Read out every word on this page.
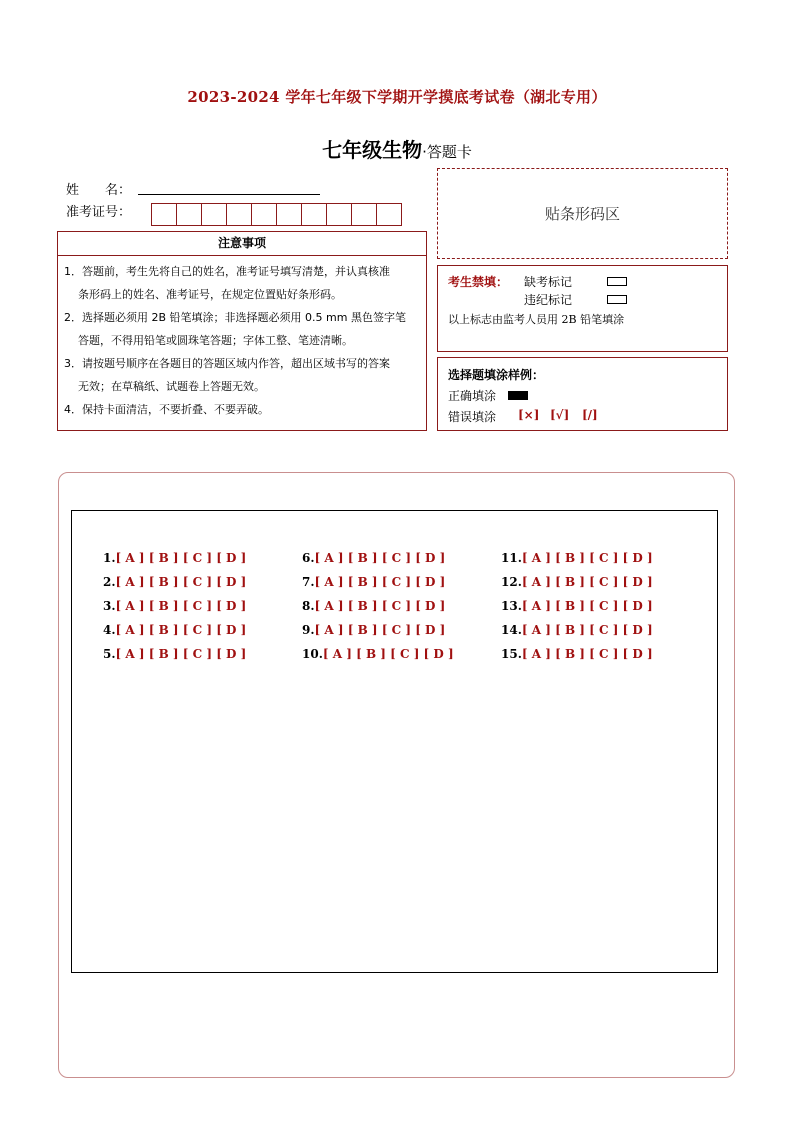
2023-2024 学年七年级下学期开学摸底考试卷（湖北专用）
七年级生物·答题卡
姓　　名：
准考证号：	贴条形码区
注意事项
1．答题前，考生先将自己的姓名，准考证号填写清楚，并认真核准
条形码上的姓名、准考证号，在规定位置贴好条形码。
2．选择题必须用 2B 铅笔填涂；非选择题必须用 0.5 mm 黑色签字笔
答题，不得用铅笔或圆珠笔答题；字体工整、笔迹清晰。
3．请按题号顺序在各题目的答题区域内作答，超出区域书写的答案
无效；在草稿纸、试题卷上答题无效。
4．保持卡面清洁，不要折叠、不要弄破。
考生禁填： 缺考标记
违纪标记
以上标志由监考人员用 2B 铅笔填涂
选择题填涂样例：
正确填涂
错误填涂 [×] [√] [/]
1.[ A ] [ B ] [ C ] [ D ]
2.[ A ] [ B ] [ C ] [ D ]
3.[ A ] [ B ] [ C ] [ D ]
4.[ A ] [ B ] [ C ] [ D ]
5.[ A ] [ B ] [ C ] [ D ]
6.[ A ] [ B ] [ C ] [ D ]
7.[ A ] [ B ] [ C ] [ D ]
8.[ A ] [ B ] [ C ] [ D ]
9.[ A ] [ B ] [ C ] [ D ]
10.[ A ] [ B ] [ C ] [ D ]
11.[ A ] [ B ] [ C ] [ D ]
12.[ A ] [ B ] [ C ] [ D ]
13.[ A ] [ B ] [ C ] [ D ]
14.[ A ] [ B ] [ C ] [ D ]
15.[ A ] [ B ] [ C ] [ D ]
